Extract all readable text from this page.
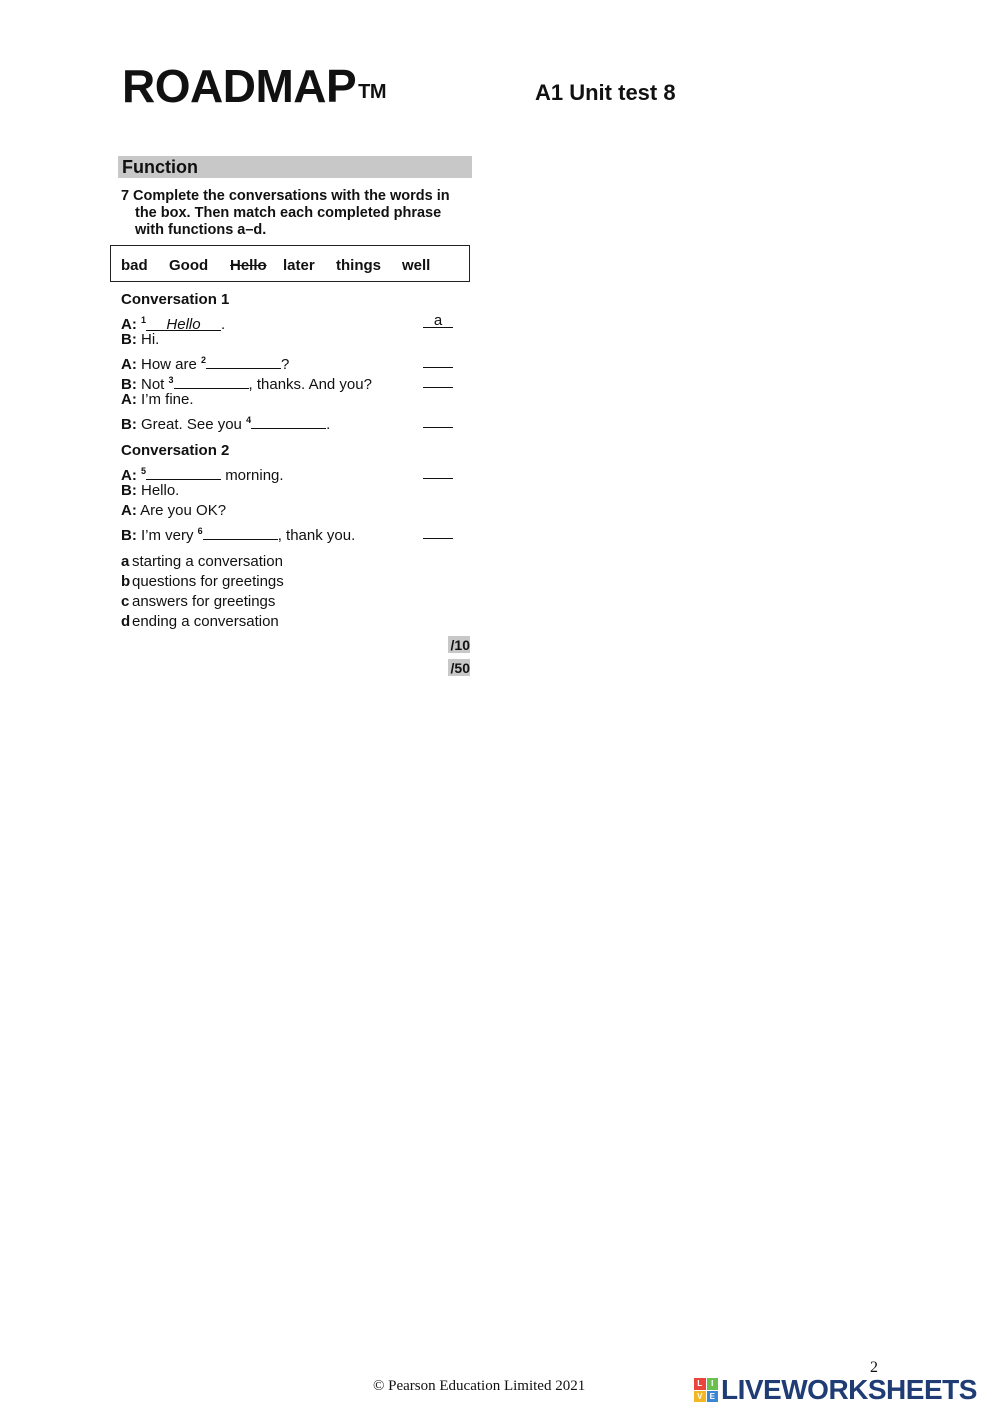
ROADMAP ™	A1 Unit test 8
Function
7 Complete the conversations with the words in
the box. Then match each completed phrase
with functions a–d.
bad Good Hello later things well
Conversation 1
A: $^1$ Hello .	a
B: Hi.
A: How are $^2$	?
B: Not $^3$	, thanks. And you?
A: I’m fine.
B: Great. See you $^4$	.
Conversation 2
A: $^5$	morning.
B: Hello.
A: Are you OK?
B: I’m very $^6$	, thank you.
a starting a conversation
b questions for greetings
c answers for greetings
d ending a conversation
/10
/50
© Pearson Education Limited 2021
2
L	I
V E LIVEWORKSHEETS
